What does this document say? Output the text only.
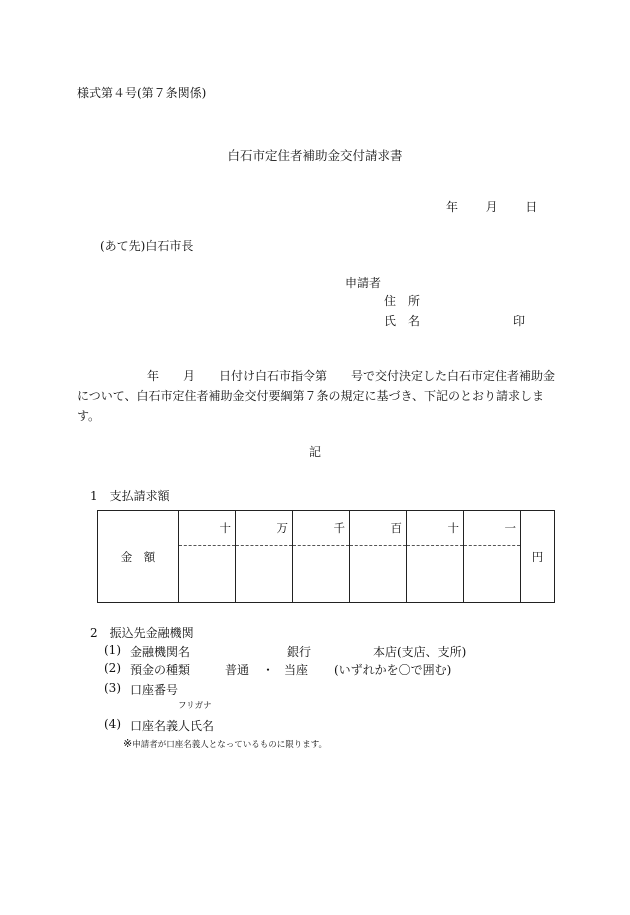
様式第４号(第７条関係)
白石市定住者補助金交付請求書
年 月 日
(あて先)白石市長
申請者
住　所
氏　名	印
年　　月　　日付け白石市指令第　　号で交付決定した白石市定住者補助金
について、白石市定住者補助金交付要綱第７条の規定に基づき、下記のとおり請求しま
す。
記
1　支払請求額
金　額	十	万	千	百	十	一	円

2　振込先金融機関
(1) 金融機関名	銀行	本店(支店、支所)
(2) 預金の種類	普通 ・ 当座 (いずれかを〇で囲む)
(3) 口座番号
フリガナ
(4) 口座名義人氏名
※申請者が口座名義人となっているものに限ります。
